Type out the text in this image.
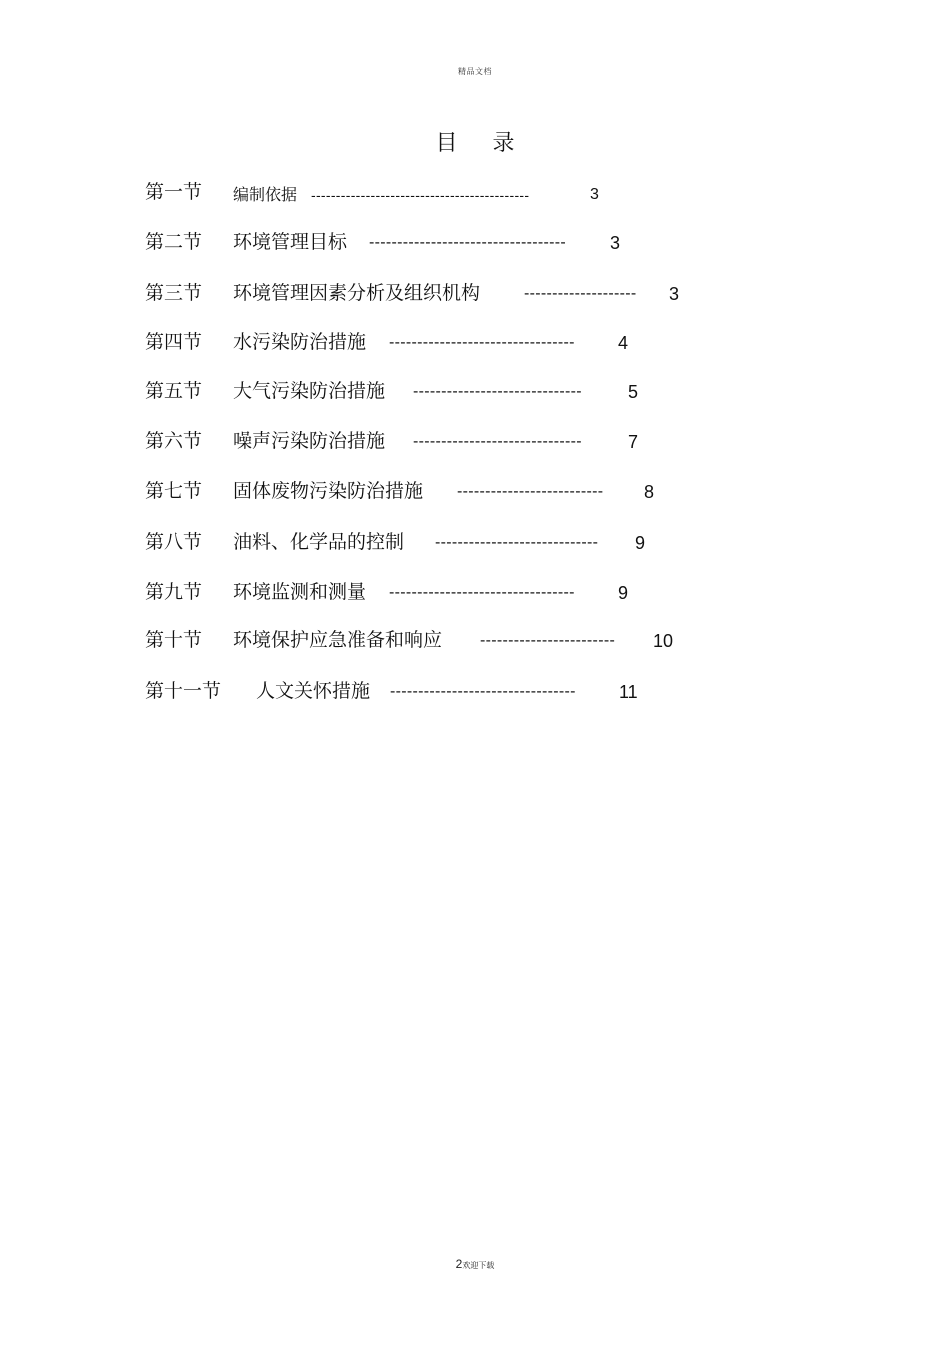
精品文档
目 录
第一节 编制依据 --------------------------------------------	3
第二节 环境管理目标 ----------------------------------- 3
第三节 环境管理因素分析及组织机构	-------------------- 3
第四节 水污染防治措施 --------------------------------- 4
第五节 大气污染防治措施 ------------------------------	5
第六节 噪声污染防治措施 ------------------------------	7
第七节 固体废物污染防治措施 -------------------------- 8
第八节 油料、化学品的控制 ----------------------------- 9
第九节 环境监测和测量 --------------------------------- 9
第十节 环境保护应急准备和响应 ------------------------ 10
第十一节 人文关怀措施 --------------------------------- 11
2欢迎下载
